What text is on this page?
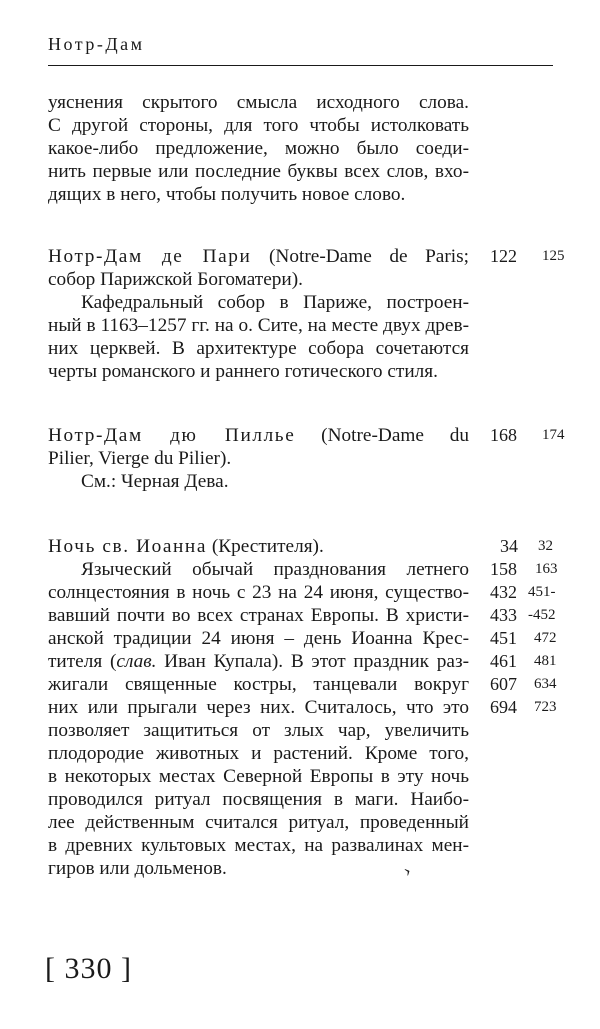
Нотр-Дам
уяснения скрытого смысла исходного слова.
С другой стороны, для того чтобы истолковать
какое-либо предложение, можно было соеди-
нить первые или последние буквы всех слов, вхо-
дящих в него, чтобы получить новое слово.
Нотр-Дам де Пари (Notre-Dame de Paris;
собор Парижской Богоматери).
Кафедральный собор в Париже, построен-
ный в 1163–1257 гг. на о. Сите, на месте двух древ-
них церквей. В архитектуре собора сочетаются
черты романского и раннего готического стиля.
122 125
Нотр-Дам дю Пиллье (Notre-Dame du
Pilier, Vierge du Pilier).
См.: Черная Дева.
168 174
Ночь св. Иоанна (Крестителя).
Языческий обычай празднования летнего
солнцестояния в ночь с 23 на 24 июня, существо-
вавший почти во всех странах Европы. В христи-
анской традиции 24 июня – день Иоанна Крес-
тителя (слав. Иван Купала). В этот праздник раз-
жигали священные костры, танцевали вокруг
них или прыгали через них. Считалось, что это
позволяет защититься от злых чар, увеличить
плодородие животных и растений. Кроме того,
в некоторых местах Северной Европы в эту ночь
проводился ритуал посвящения в маги. Наибо-
лее действенным считался ритуал, проведенный
в древних культовых местах, на развалинах мен-
гиров или дольменов.
34 32
158 163
432 451-
433 -452
451 472
461 481
607 634
694 723
›
[ 330 ]
